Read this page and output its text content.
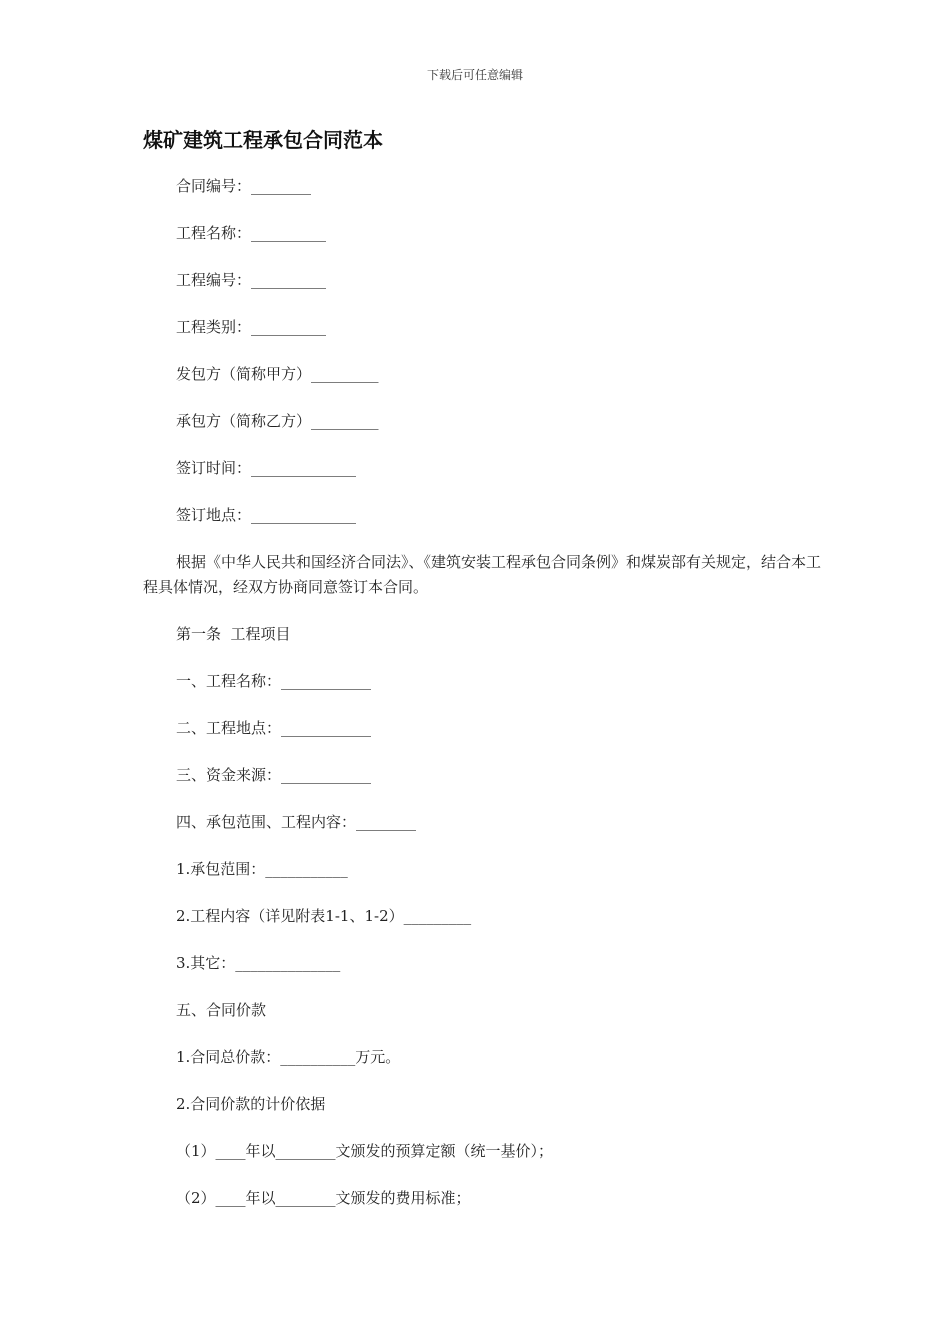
下载后可任意编辑
煤矿建筑工程承包合同范本

合同编号：________

工程名称：__________

工程编号：__________

工程类别：__________

发包方（简称甲方）_________

承包方（简称乙方）_________

签订时间：______________

签订地点：______________

根据《中华人民共和国经济合同法》、《建筑安装工程承包合同条例》和煤炭部有关规定，结合本工程具体情况，经双方协商同意签订本合同。

第一条  工程项目

一、工程名称：____________

二、工程地点：____________

三、资金来源：____________

四、承包范围、工程内容：________

1.承包范围：___________

2.工程内容（详见附表1-1、1-2）_________

3.其它：______________

五、合同价款

1.合同总价款：__________万元。

2.合同价款的计价依据

（1）____年以________文颁发的预算定额（统一基价）；

（2）____年以________文颁发的费用标准；
